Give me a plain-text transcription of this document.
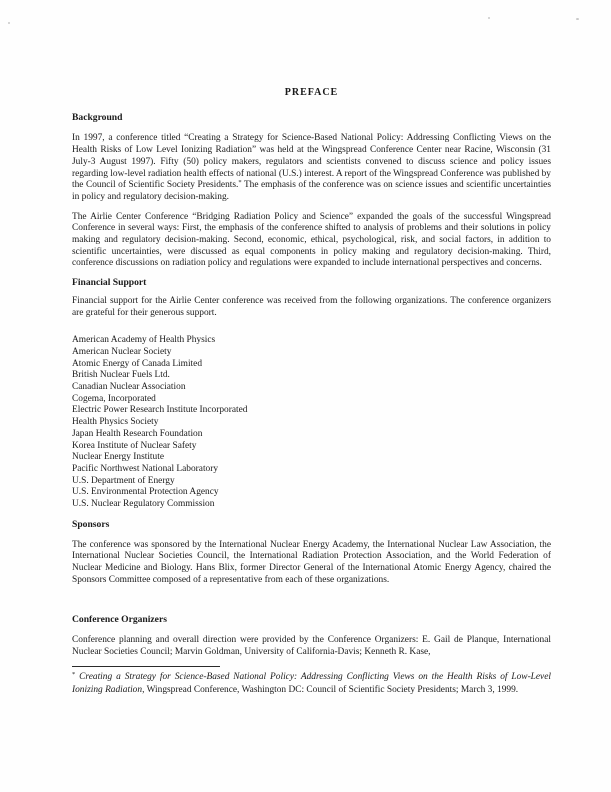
PREFACE
Background

In 1997, a conference titled “Creating a Strategy for Science-Based National Policy: Addressing Conflicting Views on the Health Risks of Low Level Ionizing Radiation” was held at the Wingspread Conference Center near Racine, Wisconsin (31 July-3 August 1997). Fifty (50) policy makers, regulators and scientists convened to discuss science and policy issues regarding low-level radiation health effects of national (U.S.) interest. A report of the Wingspread Conference was published by the Council of Scientific Society Presidents.* The emphasis of the conference was on science issues and scientific uncertainties in policy and regulatory decision-making.

The Airlie Center Conference “Bridging Radiation Policy and Science” expanded the goals of the successful Wingspread Conference in several ways: First, the emphasis of the conference shifted to analysis of problems and their solutions in policy making and regulatory decision-making. Second, economic, ethical, psychological, risk, and social factors, in addition to scientific uncertainties, were discussed as equal components in policy making and regulatory decision-making. Third, conference discussions on radiation policy and regulations were expanded to include international perspectives and concerns.

Financial Support

Financial support for the Airlie Center conference was received from the following organizations. The conference organizers are grateful for their generous support.

American Academy of Health Physics
American Nuclear Society
Atomic Energy of Canada Limited
British Nuclear Fuels Ltd.
Canadian Nuclear Association
Cogema, Incorporated
Electric Power Research Institute Incorporated
Health Physics Society
Japan Health Research Foundation
Korea Institute of Nuclear Safety
Nuclear Energy Institute
Pacific Northwest National Laboratory
U.S. Department of Energy
U.S. Environmental Protection Agency
U.S. Nuclear Regulatory Commission
Sponsors

The conference was sponsored by the International Nuclear Energy Academy, the International Nuclear Law Association, the International Nuclear Societies Council, the International Radiation Protection Association, and the World Federation of Nuclear Medicine and Biology. Hans Blix, former Director General of the International Atomic Energy Agency, chaired the Sponsors Committee composed of a representative from each of these organizations.

Conference Organizers

Conference planning and overall direction were provided by the Conference Organizers: E. Gail de Planque, International Nuclear Societies Council; Marvin Goldman, University of California-Davis; Kenneth R. Kase,

* Creating a Strategy for Science-Based National Policy: Addressing Conflicting Views on the Health Risks of Low-Level Ionizing Radiation, Wingspread Conference, Washington DC: Council of Scientific Society Presidents; March 3, 1999.
